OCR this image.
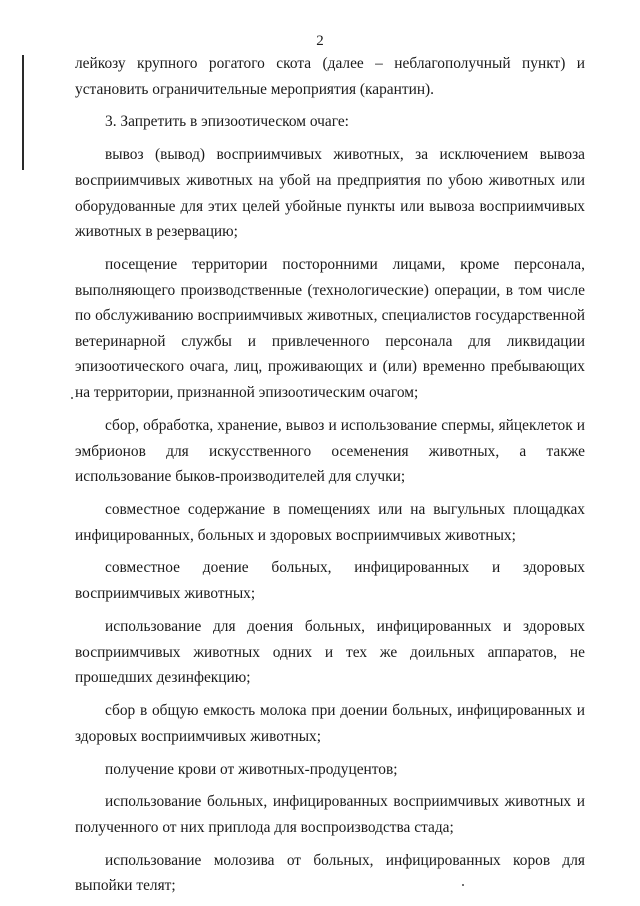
2

лейкозу крупного рогатого скота (далее – неблагополучный пункт) и установить ограничительные мероприятия (карантин).

3. Запретить в эпизоотическом очаге:

вывоз (вывод) восприимчивых животных, за исключением вывоза восприимчивых животных на убой на предприятия по убою животных или оборудованные для этих целей убойные пункты или вывоза восприимчивых животных в резервацию;

посещение территории посторонними лицами, кроме персонала, выполняющего производственные (технологические) операции, в том числе по обслуживанию восприимчивых животных, специалистов государственной ветеринарной службы и привлеченного персонала для ликвидации эпизоотического очага, лиц, проживающих и (или) временно пребывающих на территории, признанной эпизоотическим очагом;

сбор, обработка, хранение, вывоз и использование спермы, яйцеклеток и эмбрионов для искусственного осеменения животных, а также использование быков-производителей для случки;

совместное содержание в помещениях или на выгульных площадках инфицированных, больных и здоровых восприимчивых животных;

совместное доение больных, инфицированных и здоровых восприимчивых животных;

использование для доения больных, инфицированных и здоровых восприимчивых животных одних и тех же доильных аппаратов, не прошедших дезинфекцию;

сбор в общую емкость молока при доении больных, инфицированных и здоровых восприимчивых животных;

получение крови от животных-продуцентов;

использование больных, инфицированных восприимчивых животных и полученного от них приплода для воспроизводства стада;

использование молозива от больных, инфицированных коров для выпойки телят;
